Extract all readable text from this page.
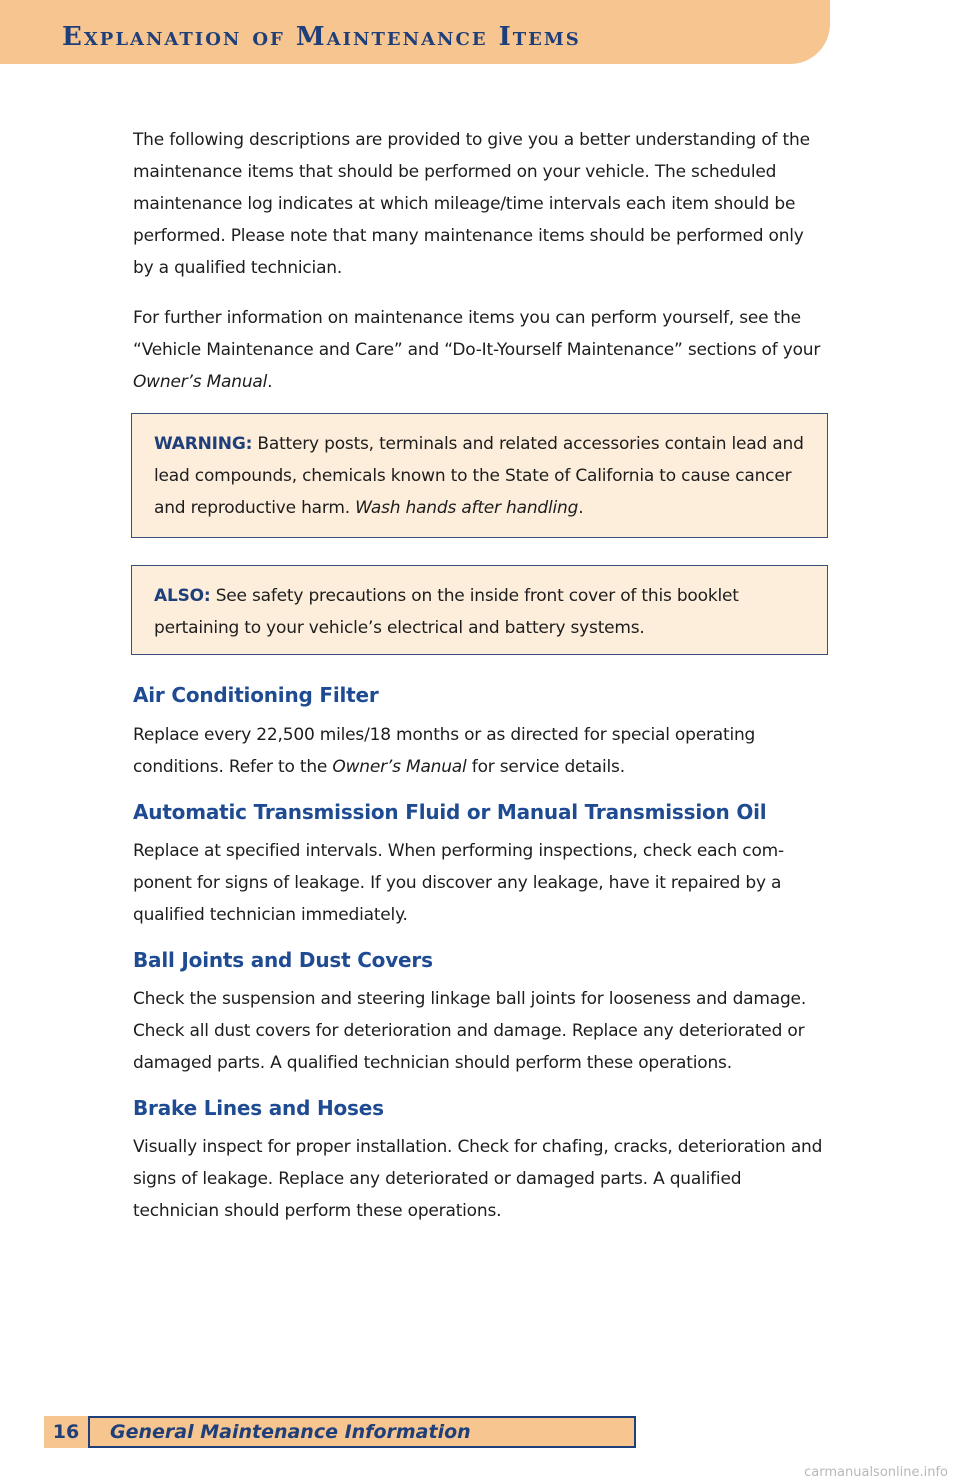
Explanation of Maintenance Items

The following descriptions are provided to give you a better understanding of the maintenance items that should be performed on your vehicle. The scheduled maintenance log indicates at which mileage/time intervals each item should be performed. Please note that many maintenance items should be performed only by a qualified technician.

For further information on maintenance items you can perform yourself, see the “Vehicle Maintenance and Care” and “Do-It-Yourself Maintenance” sections of your Owner’s Manual.

WARNING: Battery posts, terminals and related accessories contain lead and lead compounds, chemicals known to the State of California to cause cancer and reproductive harm. Wash hands after handling.

ALSO: See safety precautions on the inside front cover of this booklet pertaining to your vehicle’s electrical and battery systems.

Air Conditioning Filter

Replace every 22,500 miles/18 months or as directed for special operating conditions. Refer to the Owner’s Manual for service details.

Automatic Transmission Fluid or Manual Transmission Oil

Replace at specified intervals. When performing inspections, check each com-ponent for signs of leakage. If you discover any leakage, have it repaired by a qualified technician immediately.

Ball Joints and Dust Covers

Check the suspension and steering linkage ball joints for looseness and damage. Check all dust covers for deterioration and damage. Replace any deteriorated or damaged parts. A qualified technician should perform these operations.

Brake Lines and Hoses

Visually inspect for proper installation. Check for chafing, cracks, deterioration and signs of leakage. Replace any deteriorated or damaged parts. A qualified technician should perform these operations.

16	General Maintenance Information
carmanualsonline.info
